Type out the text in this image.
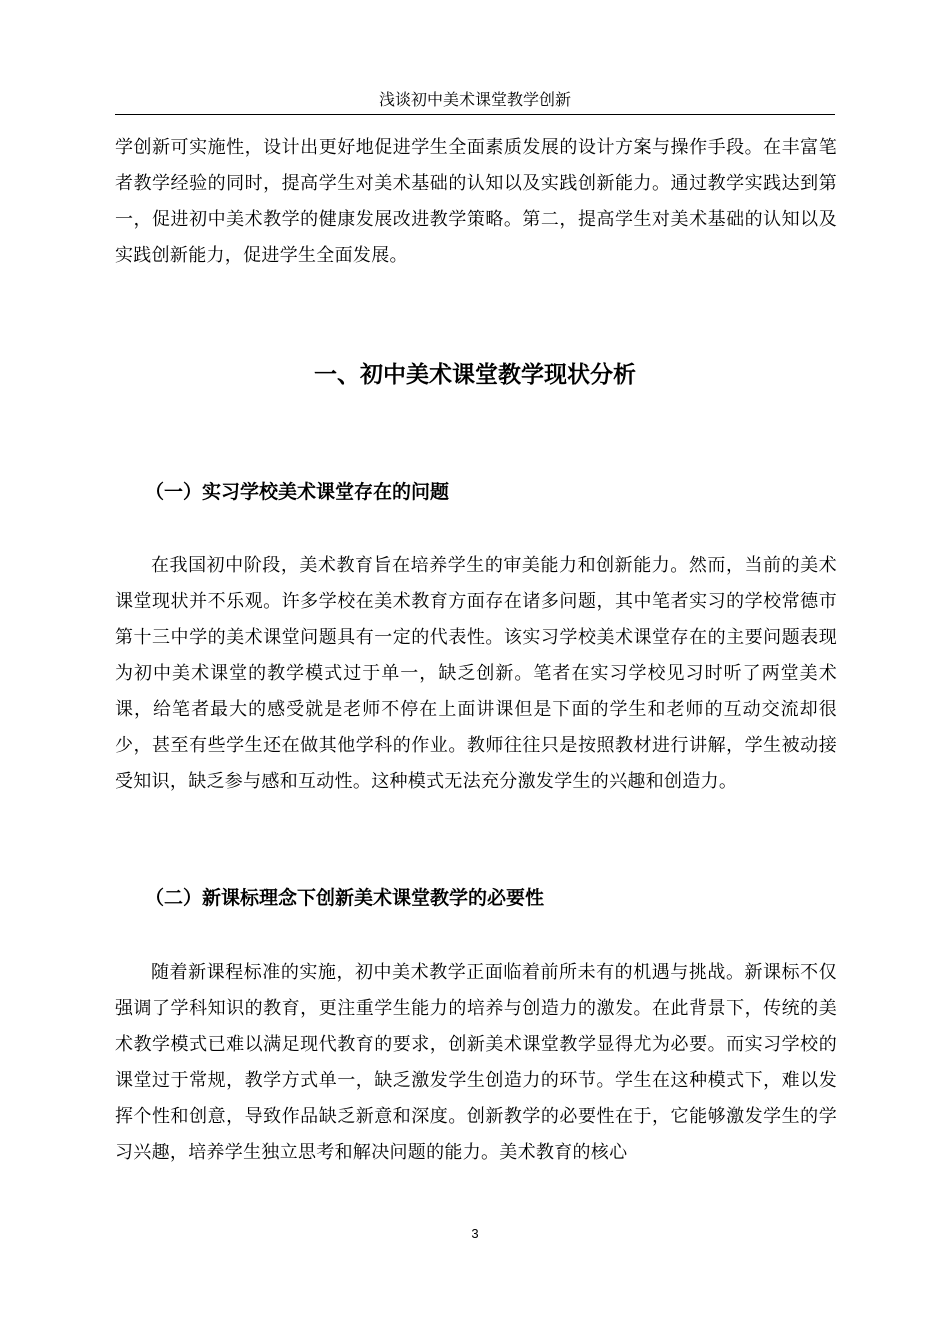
浅谈初中美术课堂教学创新

学创新可实施性，设计出更好地促进学生全面素质发展的设计方案与操作手段。在丰富笔者教学经验的同时，提高学生对美术基础的认知以及实践创新能力。通过教学实践达到第一，促进初中美术教学的健康发展改进教学策略。第二，提高学生对美术基础的认知以及实践创新能力，促进学生全面发展。

一、初中美术课堂教学现状分析
（一）实习学校美术课堂存在的问题

在我国初中阶段，美术教育旨在培养学生的审美能力和创新能力。然而，当前的美术课堂现状并不乐观。许多学校在美术教育方面存在诸多问题，其中笔者实习的学校常德市第十三中学的美术课堂问题具有一定的代表性。该实习学校美术课堂存在的主要问题表现为初中美术课堂的教学模式过于单一，缺乏创新。笔者在实习学校见习时听了两堂美术课，给笔者最大的感受就是老师不停在上面讲课但是下面的学生和老师的互动交流却很少，甚至有些学生还在做其他学科的作业。教师往往只是按照教材进行讲解，学生被动接受知识，缺乏参与感和互动性。这种模式无法充分激发学生的兴趣和创造力。

（二）新课标理念下创新美术课堂教学的必要性

随着新课程标准的实施，初中美术教学正面临着前所未有的机遇与挑战。新课标不仅强调了学科知识的教育，更注重学生能力的培养与创造力的激发。在此背景下，传统的美术教学模式已难以满足现代教育的要求，创新美术课堂教学显得尤为必要。而实习学校的课堂过于常规，教学方式单一，缺乏激发学生创造力的环节。学生在这种模式下，难以发挥个性和创意，导致作品缺乏新意和深度。创新教学的必要性在于，它能够激发学生的学习兴趣，培养学生独立思考和解决问题的能力。美术教育的核心

3
